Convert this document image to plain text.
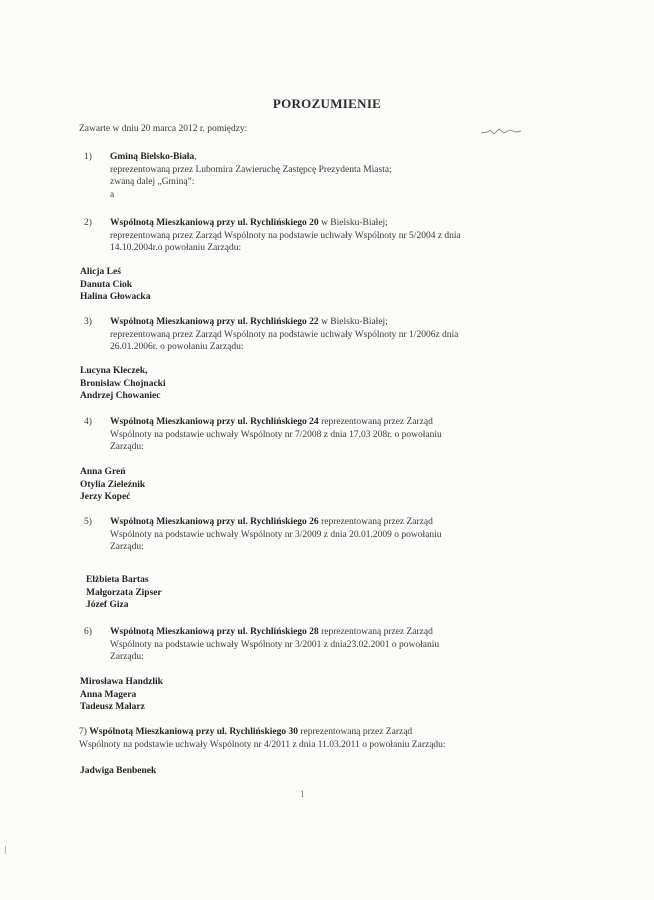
POROZUMIENIE
Zawarte w dniu 20 marca 2012 r. pomiędzy:
1) Gminą Bielsko-Biała,
reprezentowaną przez Lubomira Zawieruchę Zastępcę Prezydenta Miasta;
zwaną dalej „Gminą”:
a
2) Wspólnotą Mieszkaniową przy ul. Rychlińskiego 20 w Bielsku-Białej;
reprezentowaną przez Zarząd Wspólnoty na podstawie uchwały Wspólnoty nr 5/2004 z dnia
14.10.2004r.o powołaniu Zarządu:
Alicja Leś
Danuta Ciok
Halina Głowacka
3) Wspólnotą Mieszkaniową przy ul. Rychlińskiego 22 w Bielsku-Białej;
reprezentowaną przez Zarząd Wspólnoty na podstawie uchwały Wspólnoty nr 1/2006z dnia
26.01.2006r. o powołaniu Zarządu:
Lucyna Kleczek,
Bronisław Chojnacki
Andrzej Chowaniec
4) Wspólnotą Mieszkaniową przy ul. Rychlińskiego 24 reprezentowaną przez Zarząd
Wspólnoty na podstawie uchwały Wspólnoty nr 7/2008 z dnia 17.03 208r. o powołaniu
Zarządu:
Anna Greń
Otylia Zieleźnik
Jerzy Kopeć
5) Wspólnotą Mieszkaniową przy ul. Rychlińskiego 26 reprezentowaną przez Zarząd
Wspólnoty na podstawie uchwały Wspólnoty nr 3/2009 z dnia 20.01.2009 o powołaniu
Zarządu:
Elżbieta Bartas
Małgorzata Zipser
Józef Giza
6) Wspólnotą Mieszkaniową przy ul. Rychlińskiego 28 reprezentowaną przez Zarząd
Wspólnoty na podstawie uchwały Wspólnoty nr 3/2001 z dnia23.02.2001 o powołaniu
Zarządu:
Mirosława Handzlik
Anna Magera
Tadeusz Malarz
7) Wspólnotą Mieszkaniową przy ul. Rychlińskiego 30 reprezentowaną przez Zarząd
Wspólnoty na podstawie uchwały Wspólnoty nr 4/2011 z dnia 11.03.2011 o powołaniu Zarządu:
Jadwiga Benbenek
1
